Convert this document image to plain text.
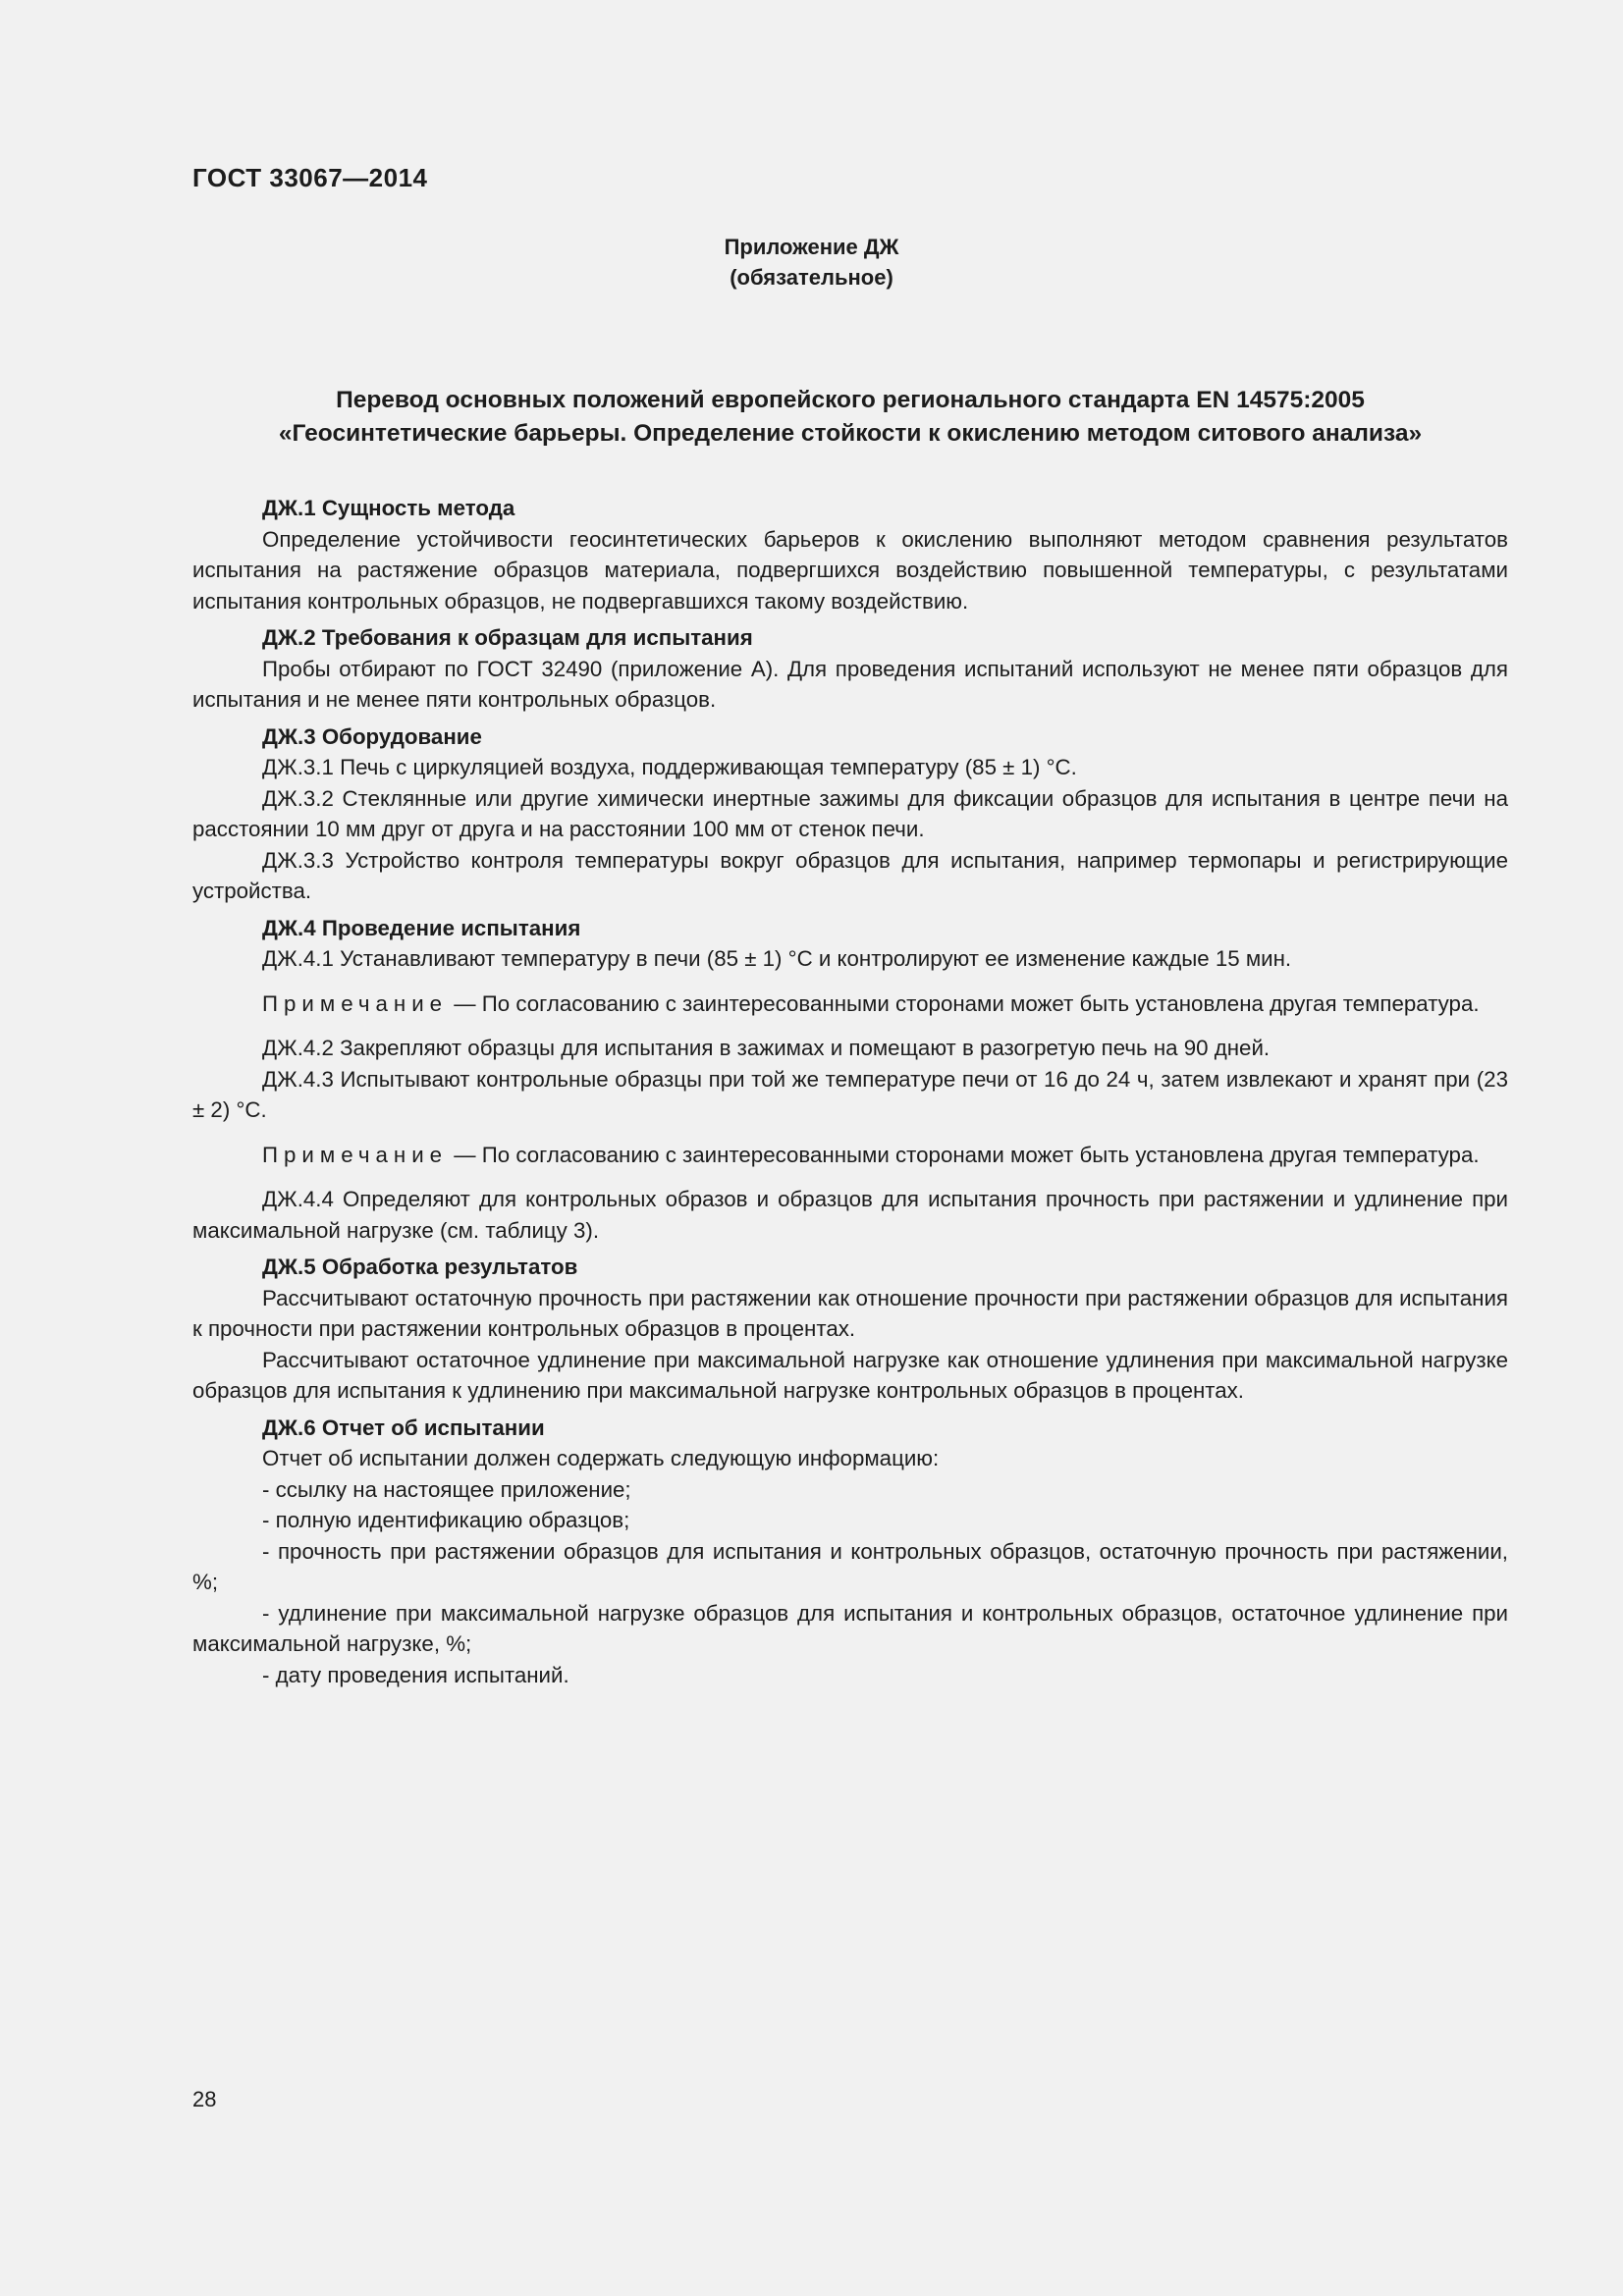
ГОСТ 33067—2014
Приложение ДЖ
(обязательное)
Перевод основных положений европейского регионального стандарта EN 14575:2005
«Геосинтетические барьеры. Определение стойкости к окислению методом ситового анализа»

ДЖ.1 Сущность метода

Определение устойчивости геосинтетических барьеров к окислению выполняют методом сравнения результатов испытания на растяжение образцов материала, подвергшихся воздействию повышенной температуры, с результатами испытания контрольных образцов, не подвергавшихся такому воздействию.

ДЖ.2 Требования к образцам для испытания

Пробы отбирают по ГОСТ 32490 (приложение А). Для проведения испытаний используют не менее пяти образцов для испытания и не менее пяти контрольных образцов.

ДЖ.3 Оборудование

ДЖ.3.1 Печь с циркуляцией воздуха, поддерживающая температуру (85 ± 1) °С.

ДЖ.3.2 Стеклянные или другие химически инертные зажимы для фиксации образцов для испытания в центре печи на расстоянии 10 мм друг от друга и на расстоянии 100 мм от стенок печи.

ДЖ.3.3 Устройство контроля температуры вокруг образцов для испытания, например термопары и регистрирующие устройства.

ДЖ.4 Проведение испытания

ДЖ.4.1 Устанавливают температуру в печи (85 ± 1) °С и контролируют ее изменение каждые 15 мин.

Примечание — По согласованию с заинтересованными сторонами может быть установлена другая температура.

ДЖ.4.2 Закрепляют образцы для испытания в зажимах и помещают в разогретую печь на 90 дней.

ДЖ.4.3 Испытывают контрольные образцы при той же температуре печи от 16 до 24 ч, затем извлекают и хранят при (23 ± 2) °С.

Примечание — По согласованию с заинтересованными сторонами может быть установлена другая температура.

ДЖ.4.4 Определяют для контрольных образов и образцов для испытания прочность при растяжении и удлинение при максимальной нагрузке (см. таблицу 3).

ДЖ.5 Обработка результатов

Рассчитывают остаточную прочность при растяжении как отношение прочности при растяжении образцов для испытания к прочности при растяжении контрольных образцов в процентах.

Рассчитывают остаточное удлинение при максимальной нагрузке как отношение удлинения при максимальной нагрузке образцов для испытания к удлинению при максимальной нагрузке контрольных образцов в процентах.

ДЖ.6 Отчет об испытании

Отчет об испытании должен содержать следующую информацию:

- ссылку на настоящее приложение;

- полную идентификацию образцов;

- прочность при растяжении образцов для испытания и контрольных образцов, остаточную прочность при растяжении, %;

- удлинение при максимальной нагрузке образцов для испытания и контрольных образцов, остаточное удлинение при максимальной нагрузке, %;

- дату проведения испытаний.

28
